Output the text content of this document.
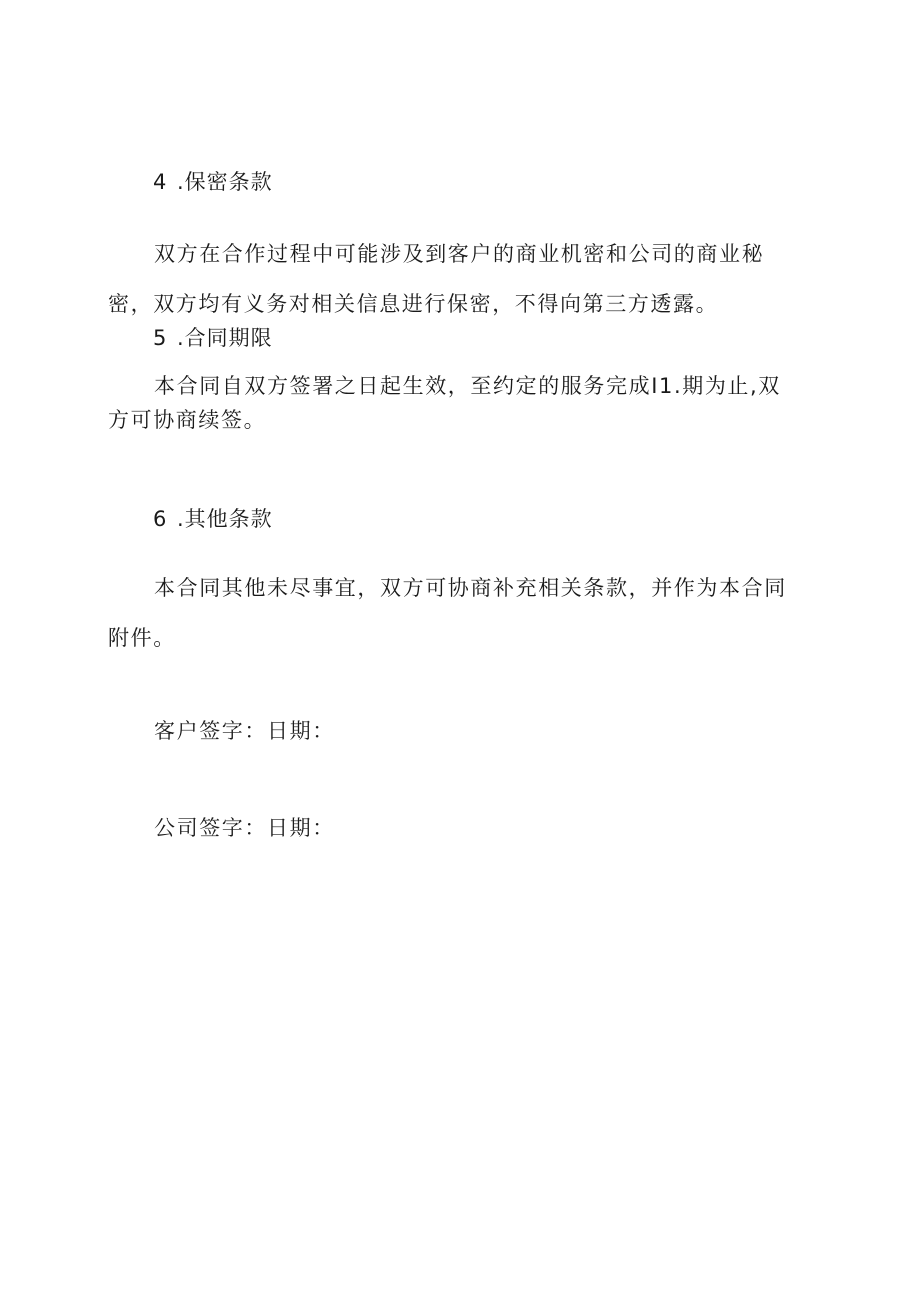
4 .保密条款
双方在合作过程中可能涉及到客户的商业机密和公司的商业秘
密，双方均有义务对相关信息进行保密，不得向第三方透露。
5 .合同期限
本合同自双方签署之日起生效，至约定的服务完成I1.期为止,双
方可协商续签。
6 .其他条款
本合同其他未尽事宜，双方可协商补充相关条款，并作为本合同
附件。
客户签字：日期：
公司签字：日期：
